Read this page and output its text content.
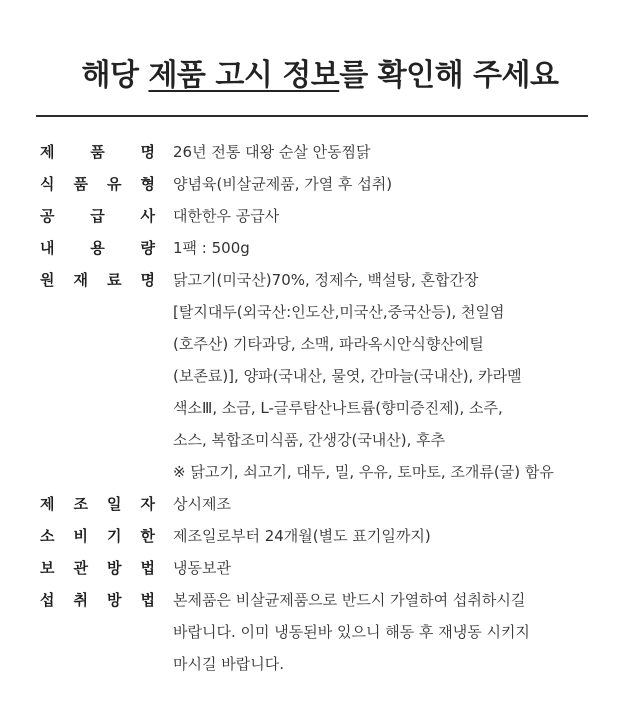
해당 제품 고시 정보를 확인해 주세요
제 품 명 26년 전통 대왕 순살 안동찜닭
식 품 유 형 양념육(비살균제품, 가열 후 섭취)
공 급 사 대한한우 공급사
내 용 량 1팩 : 500g
원 재 료 명 닭고기(미국산)70%, 정제수, 백설탕, 혼합간장
[탈지대두(외국산:인도산,미국산,중국산등), 천일염
(호주산) 기타과당, 소맥, 파라옥시안식향산에틸
(보존료)], 양파(국내산, 물엿, 간마늘(국내산), 카라멜
색소Ⅲ, 소금, L-글루탐산나트륨(향미증진제), 소주,
소스, 복합조미식품, 간생강(국내산), 후추
※ 닭고기, 쇠고기, 대두, 밀, 우유, 토마토, 조개류(굴) 함유
제 조 일 자 상시제조
소 비 기 한 제조일로부터 24개월(별도 표기일까지)
보 관 방 법 냉동보관
섭 취 방 법 본제품은 비살균제품으로 반드시 가열하여 섭취하시길
바랍니다. 이미 냉동된바 있으니 해동 후 재냉동 시키지
마시길 바랍니다.
